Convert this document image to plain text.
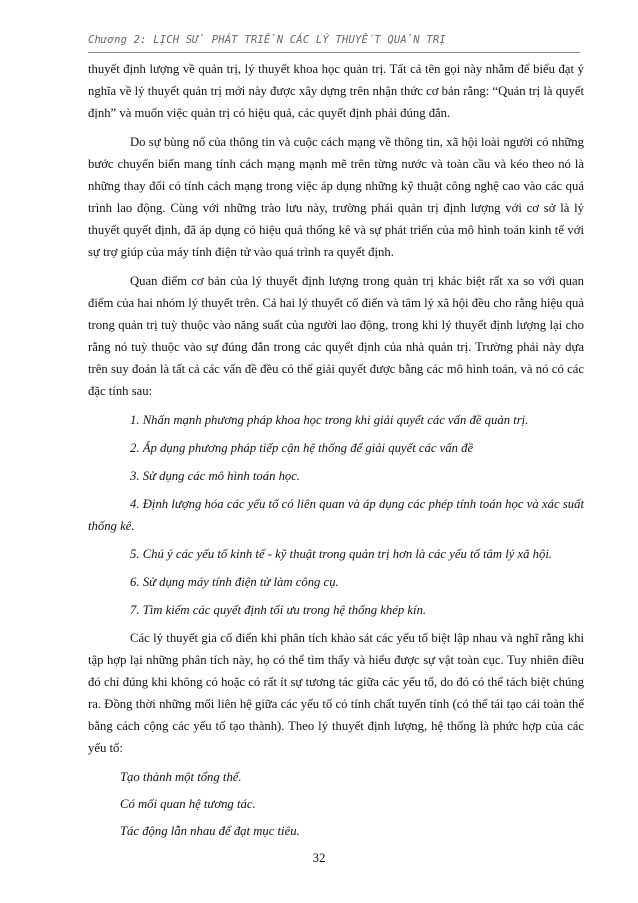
Chương 2: LỊCH SỬ PHÁT TRIỂN CÁC LÝ THUYẾT QUẢN TRỊ

thuyết định lượng về quản trị, lý thuyết khoa học quản trị. Tất cả tên gọi này nhằm để biểu đạt ý nghĩa về lý thuyết quản trị mới này được xây dựng trên nhận thức cơ bản rằng: “Quản trị là quyết định” và muốn việc quản trị có hiệu quả, các quyết định phải đúng đắn.

Do sự bùng nổ của thông tin và cuộc cách mạng về thông tin, xã hội loài người có những bước chuyển biến mang tính cách mạng mạnh mẽ trên từng nước và toàn cầu và kéo theo nó là những thay đổi có tính cách mạng trong việc áp dụng những kỹ thuật công nghệ cao vào các quá trình lao động. Cùng với những trào lưu này, trường phái quản trị định lượng với cơ sở là lý thuyết quyết định, đã áp dụng có hiệu quả thống kê và sự phát triển của mô hình toán kinh tế với sự trợ giúp của máy tính điện tử vào quá trình ra quyết định.

Quan điểm cơ bản của lý thuyết định lượng trong quản trị khác biệt rất xa so với quan điểm của hai nhóm lý thuyết trên. Cả hai lý thuyết cổ điển và tâm lý xã hội đều cho rằng hiệu quả trong quản trị tuỳ thuộc vào năng suất của người lao động, trong khi lý thuyết định lượng lại cho rằng nó tuỳ thuộc vào sự đúng đắn trong các quyết định của nhà quản trị. Trường phái này dựa trên suy đoán là tất cả các vấn đề đều có thể giải quyết được bằng các mô hình toán, và nó có các đặc tính sau:

1. Nhấn mạnh phương pháp khoa học trong khi giải quyết các vấn đề quản trị.

2. Áp dụng phương pháp tiếp cận hệ thống để giải quyết các vấn đề

3. Sử dụng các mô hình toán học.

4. Định lượng hóa các yếu tố có liên quan và áp dụng các phép tính toán học và xác suất thống kê.

5. Chú ý các yếu tố kinh tế - kỹ thuật trong quản trị hơn là các yếu tố tâm lý xã hội.

6. Sử dụng máy tính điện tử làm công cụ.

7. Tìm kiếm các quyết định tối ưu trong hệ thống khép kín.

Các lý thuyết gia cổ điển khi phân tích khảo sát các yếu tố biệt lập nhau và nghĩ rằng khi tập hợp lại những phân tích này, họ có thể tìm thấy và hiểu được sự vật toàn cục. Tuy nhiên điều đó chỉ đúng khi không có hoặc có rất ít sự tương tác giữa các yếu tố, do đó có thể tách biệt chúng ra. Đồng thời những mối liên hệ giữa các yếu tố có tính chất tuyến tính (có thể tái tạo cái toàn thể bằng cách cộng các yếu tố tạo thành). Theo lý thuyết định lượng, hệ thống là phức hợp của các yếu tố:

Tạo thành một tổng thể.

Có mối quan hệ tương tác.

Tác động lẫn nhau để đạt mục tiêu.

32
